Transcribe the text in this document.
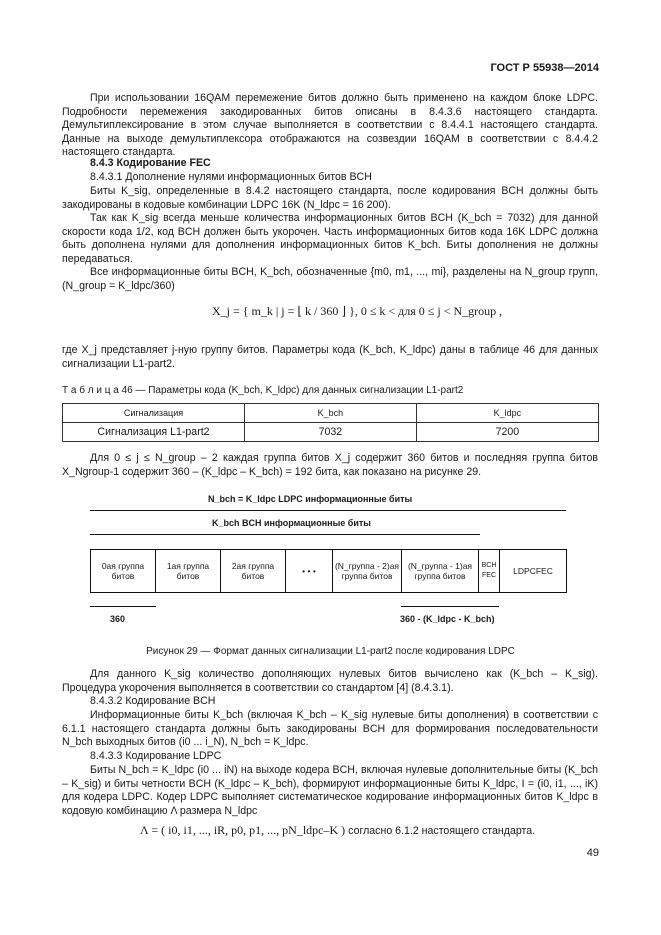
ГОСТ Р 55938—2014
При использовании 16QAM перемежение битов должно быть применено на каждом блоке LDPC. Подробности перемежения закодированных битов описаны в 8.4.3.6 настоящего стандарта. Демультиплексирование в этом случае выполняется в соответствии с 8.4.4.1 настоящего стандарта. Данные на выходе демультиплексора отображаются на созвездии 16QAM в соответствии с 8.4.4.2 настоящего стандарта.
8.4.3 Кодирование FEC
8.4.3.1 Дополнение нулями информационных битов BCH
Биты K_sig, определенные в 8.4.2 настоящего стандарта, после кодирования BCH должны быть закодированы в кодовые комбинации LDPC 16K (N_ldpc = 16 200).
Так как K_sig всегда меньше количества информационных битов BCH (K_bch = 7032) для данной скорости кода 1/2, код BCH должен быть укорочен. Часть информационных битов кода 16K LDPC должна быть дополнена нулями для дополнения информационных битов K_bch. Биты дополнения не должны передаваться.
Все информационные биты BCH, K_bch, обозначенные {m0, m1, ..., mi}, разделены на N_group групп, (N_group = K_ldpc/360)
X_j = { m_k | j = ⌊ k / 360 ⌋ }, 0 ≤ k < для 0 ≤ j < N_group ,
где X_j представляет j-ную группу битов. Параметры кода (K_bch, K_ldpc) даны в таблице 46 для данных сигнализации L1-part2.
Т а б л и ц а 46 — Параметры кода (K_bch, K_ldpc) для данных сигнализации L1-part2
Сигнализация	K_bch	K_ldpc
Сигнализация L1-part2	7032	7200
Для 0 ≤ j ≤ N_group – 2 каждая группа битов X_j содержит 360 битов и последняя группа битов X_Ngroup-1 содержит 360 – (K_ldpc – K_bch) = 192 бита, как показано на рисунке 29.
N_bch = K_ldpc LDPC информационные биты
K_bch BCH информационные биты
0ая группа битов
1ая группа битов
2ая группа битов	• • •	(N_группа - 2)ая группа битов
(N_группа - 1)ая группа битов
BCH FEC	LDPCFEC
360	360 - (K_ldpc - K_bch)
Рисунок 29 — Формат данных сигнализации L1-part2 после кодирования LDPC
Для данного K_sig количество дополняющих нулевых битов вычислено как (K_bch – K_sig). Процедура укорочения выполняется в соответствии со стандартом [4] (8.4.3.1).
8.4.3.2 Кодирование BCH
Информационные биты K_bch (включая K_bch – K_sig нулевые биты дополнения) в соответствии с 6.1.1 настоящего стандарта должны быть закодированы BCH для формирования последовательности N_bch выходных битов (i0 ... i_N), N_bch = K_ldpc.
8.4.3.3 Кодирование LDPC
Биты N_bch = K_ldpc (i0 ... iN) на выходе кодера BCH, включая нулевые дополнительные биты (K_bch – K_sig) и биты четности BCH (K_ldpc – K_bch), формируют информационные биты K_ldpc, I = (i0, i1, ..., iK) для кодера LDPC. Кодер LDPC выполняет систематическое кодирование информационных битов K_ldpc в кодовую комбинацию Λ размера N_ldpc
Λ = ( i0, i1, ..., iR, p0, p1, ..., pN_ldpc–K ) согласно 6.1.2 настоящего стандарта.
49
